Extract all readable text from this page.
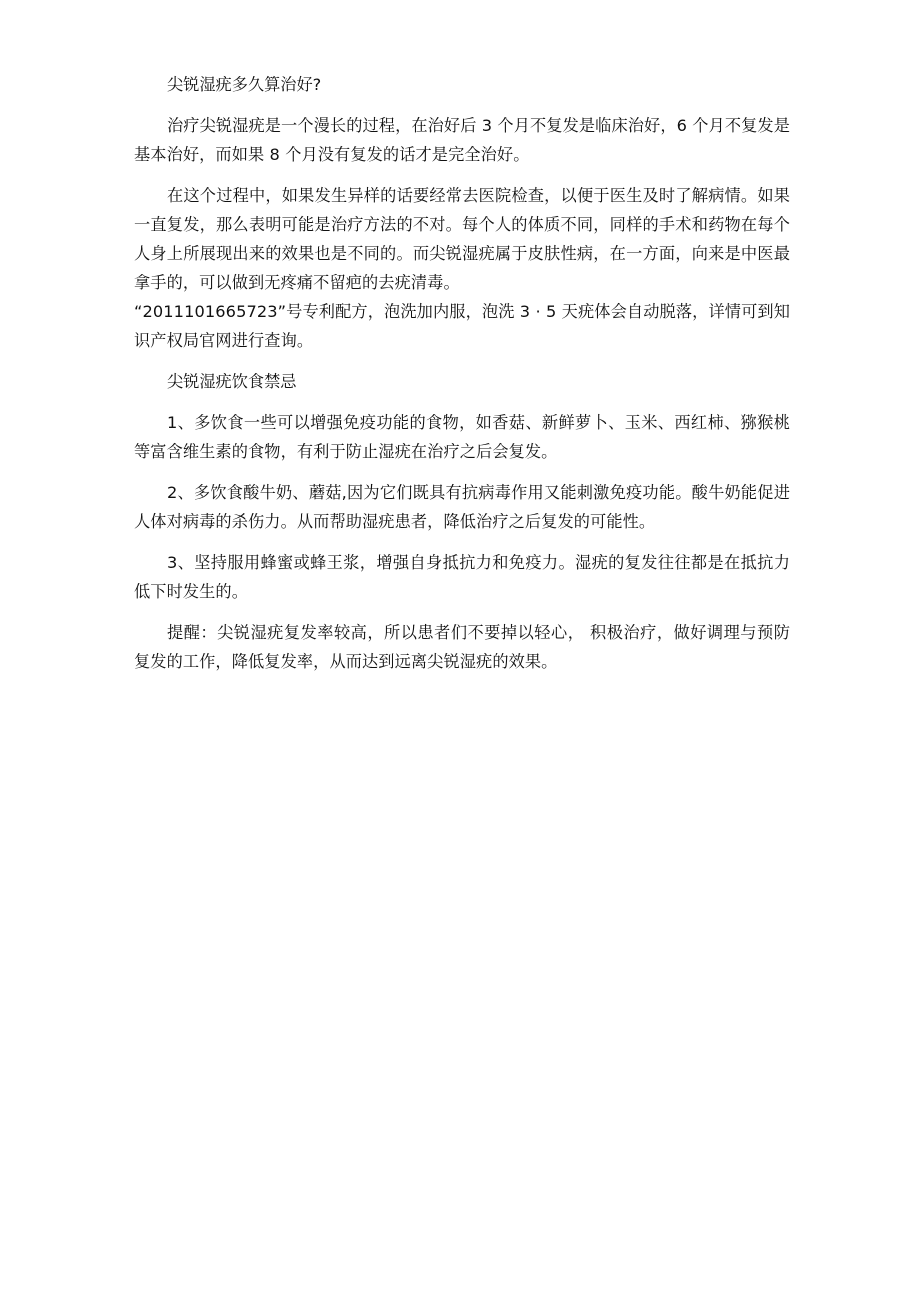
尖锐湿疣多久算治好?

治疗尖锐湿疣是一个漫长的过程，在治好后 3 个月不复发是临床治好，6 个月不复发是基本治好，而如果 8 个月没有复发的话才是完全治好。

在这个过程中，如果发生异样的话要经常去医院检查，以便于医生及时了解病情。如果一直复发，那么表明可能是治疗方法的不对。每个人的体质不同，同样的手术和药物在每个人身上所展现出来的效果也是不同的。而尖锐湿疣属于皮肤性病，在一方面，向来是中医最拿手的，可以做到无疼痛不留疤的去疣清毒。

“2011101665723”号专利配方，泡洗加内服，泡洗 3 · 5 天疣体会自动脱落，详情可到知识产权局官网进行查询。

尖锐湿疣饮食禁忌

1、多饮食一些可以增强免疫功能的食物，如香菇、新鲜萝卜、玉米、西红柿、猕猴桃等富含维生素的食物，有利于防止湿疣在治疗之后会复发。

2、多饮食酸牛奶、蘑菇,因为它们既具有抗病毒作用又能刺激免疫功能。酸牛奶能促进人体对病毒的杀伤力。从而帮助湿疣患者，降低治疗之后复发的可能性。

3、坚持服用蜂蜜或蜂王浆，增强自身抵抗力和免疫力。湿疣的复发往往都是在抵抗力低下时发生的。

提醒：尖锐湿疣复发率较高，所以患者们不要掉以轻心， 积极治疗，做好调理与预防复发的工作，降低复发率，从而达到远离尖锐湿疣的效果。
